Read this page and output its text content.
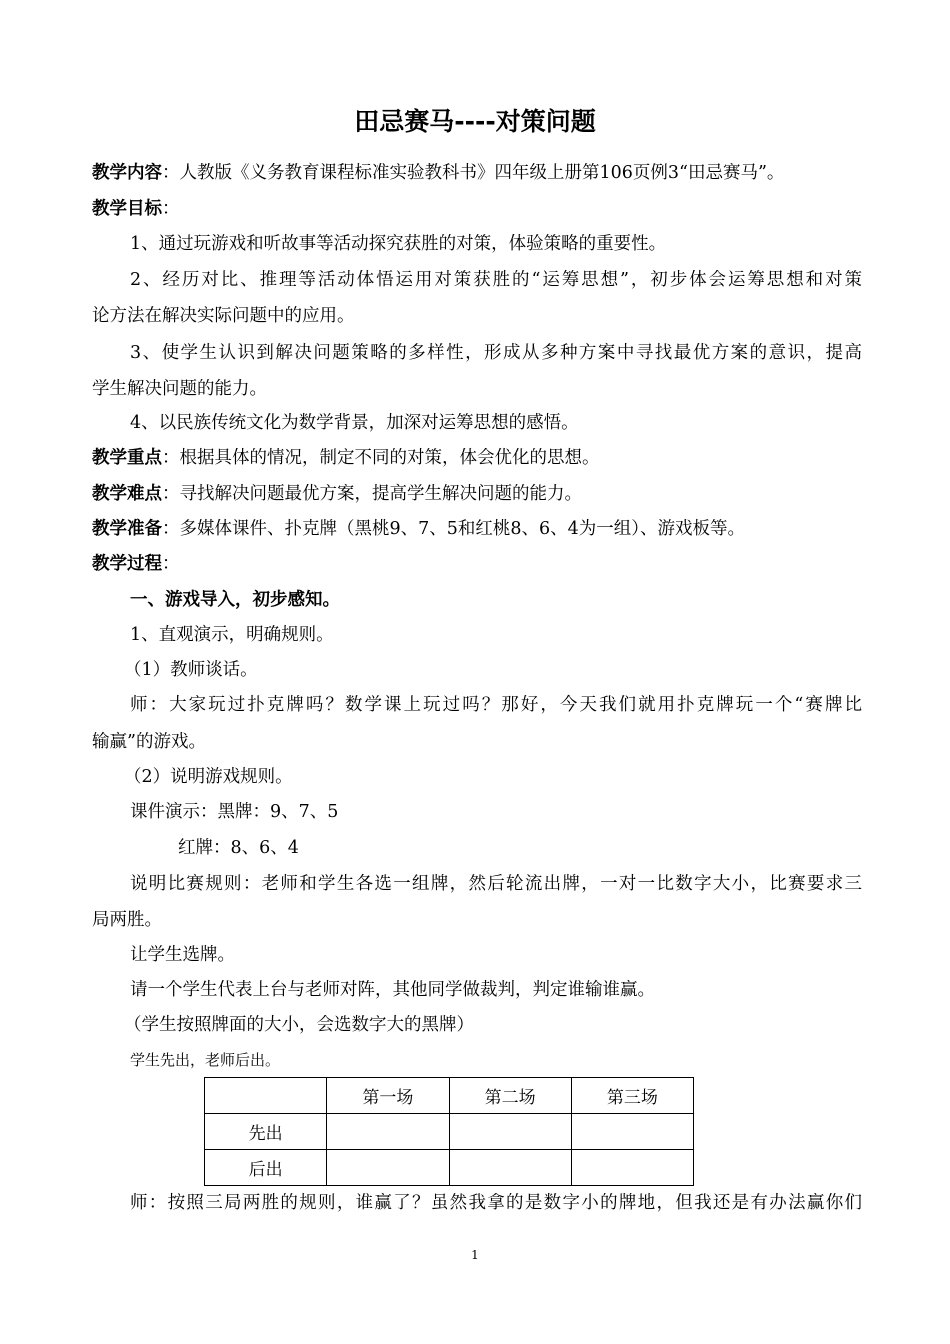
田忌赛马----对策问题
教学内容：人教版《义务教育课程标准实验教科书》四年级上册第106页例3“田忌赛马”。
教学目标：
1、通过玩游戏和听故事等活动探究获胜的对策，体验策略的重要性。
2、经历对比、推理等活动体悟运用对策获胜的“运筹思想”，初步体会运筹思想和对策
论方法在解决实际问题中的应用。
3、使学生认识到解决问题策略的多样性，形成从多种方案中寻找最优方案的意识，提高
学生解决问题的能力。
4、以民族传统文化为数学背景，加深对运筹思想的感悟。
教学重点：根据具体的情况，制定不同的对策，体会优化的思想。
教学难点：寻找解决问题最优方案，提高学生解决问题的能力。
教学准备：多媒体课件、扑克牌（黑桃9、7、5和红桃8、6、4为一组）、游戏板等。
教学过程：
一、游戏导入，初步感知。
1、直观演示，明确规则。
（1）教师谈话。
师：大家玩过扑克牌吗？数学课上玩过吗？那好，今天我们就用扑克牌玩一个“赛牌比
输赢”的游戏。
（2）说明游戏规则。
课件演示：黑牌：9、7、5
红牌：8、6、4
说明比赛规则：老师和学生各选一组牌，然后轮流出牌，一对一比数字大小，比赛要求三
局两胜。
让学生选牌。
请一个学生代表上台与老师对阵，其他同学做裁判，判定谁输谁赢。
（学生按照牌面的大小，会选数字大的黑牌）
学生先出，老师后出。
	第一场	第二场	第三场
先出			
后出			
师：按照三局两胜的规则，谁赢了？虽然我拿的是数字小的牌地，但我还是有办法赢你们
1
